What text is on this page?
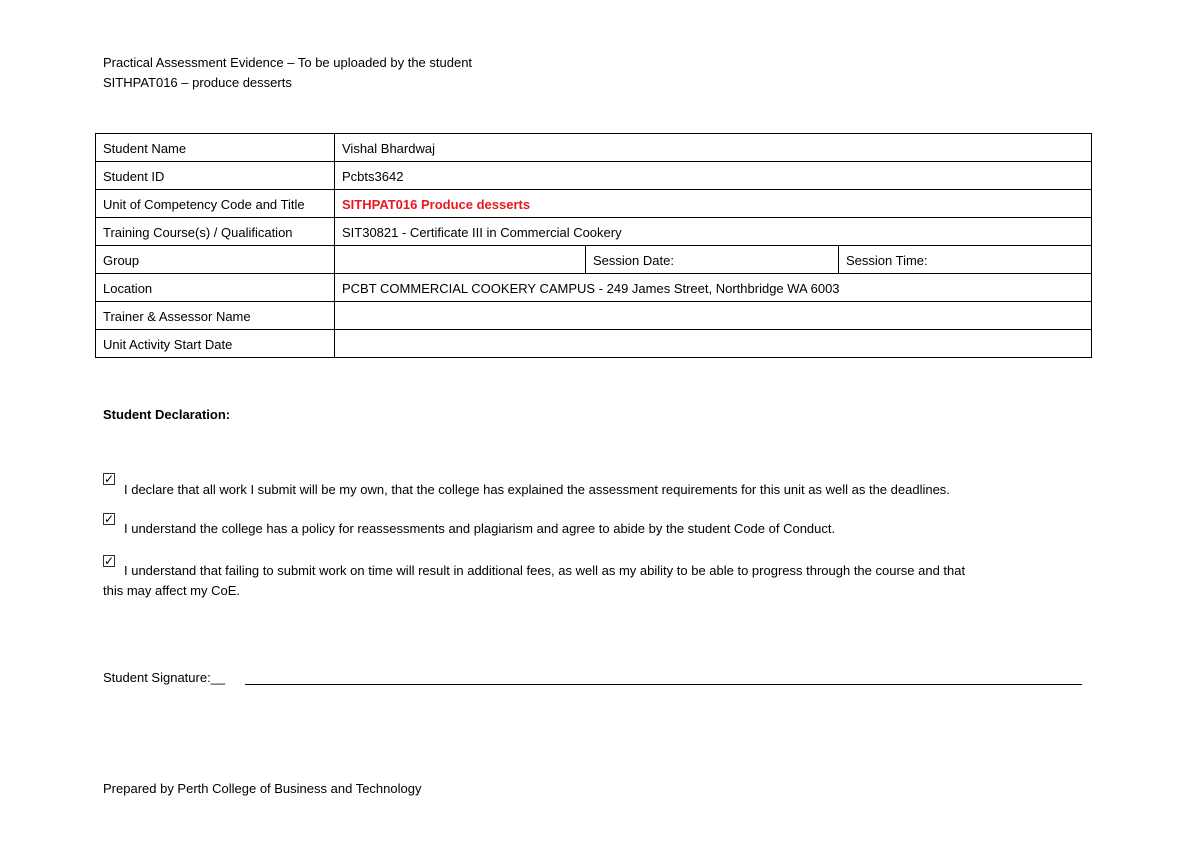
Practical Assessment Evidence – To be uploaded by the student
SITHPAT016 – produce desserts
Student Name	Vishal Bhardwaj		
Student ID	Pcbts3642		
Unit of Competency Code and Title	SITHPAT016 Produce desserts		
Training Course(s) / Qualification	SIT30821 - Certificate III in Commercial Cookery		
Group		Session Date:	Session Time:
Location	PCBT COMMERCIAL COOKERY CAMPUS - 249 James Street, Northbridge WA 6003		
Trainer & Assessor Name			
Unit Activity Start Date			
Student Declaration:
✓
I declare that all work I submit will be my own, that the college has explained the assessment requirements for this unit as well as the deadlines.
✓
I understand the college has a policy for reassessments and plagiarism and agree to abide by the student Code of Conduct.
✓
I understand that failing to submit work on time will result in additional fees, as well as my ability to be able to progress through the course and that
this may affect my CoE.
Student Signature:__
Prepared by Perth College of Business and Technology
